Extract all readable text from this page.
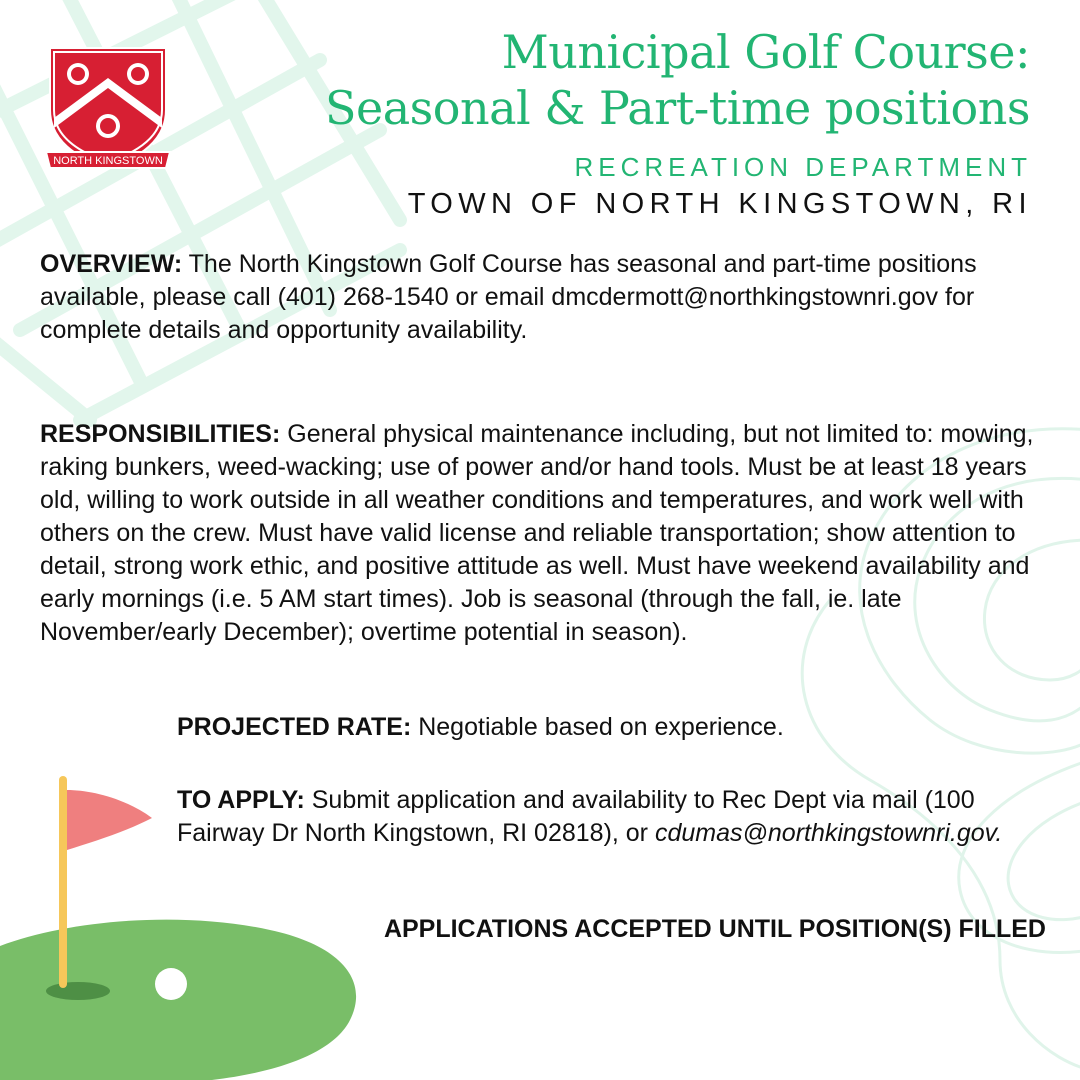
NORTH KINGSTOWN
Municipal Golf Course:
Seasonal & Part-time positions
RECREATION DEPARTMENT
TOWN OF NORTH KINGSTOWN, RI
OVERVIEW: The North Kingstown Golf Course has seasonal and part-time positions available, please call (401) 268-1540 or email dmcdermott@northkingstownri.gov for complete details and opportunity availability.
RESPONSIBILITIES: General physical maintenance including, but not limited to: mowing, raking bunkers, weed-wacking; use of power and/or hand tools. Must be at least 18 years old, willing to work outside in all weather conditions and temperatures, and work well with others on the crew. Must have valid license and reliable transportation; show attention to detail, strong work ethic, and positive attitude as well. Must have weekend availability and early mornings (i.e. 5 AM start times). Job is seasonal (through the fall, ie. late November/early December); overtime potential in season).
PROJECTED RATE: Negotiable based on experience.
TO APPLY: Submit application and availability to Rec Dept via mail (100 Fairway Dr North Kingstown, RI 02818), or cdumas@northkingstownri.gov.
APPLICATIONS ACCEPTED UNTIL POSITION(S) FILLED
